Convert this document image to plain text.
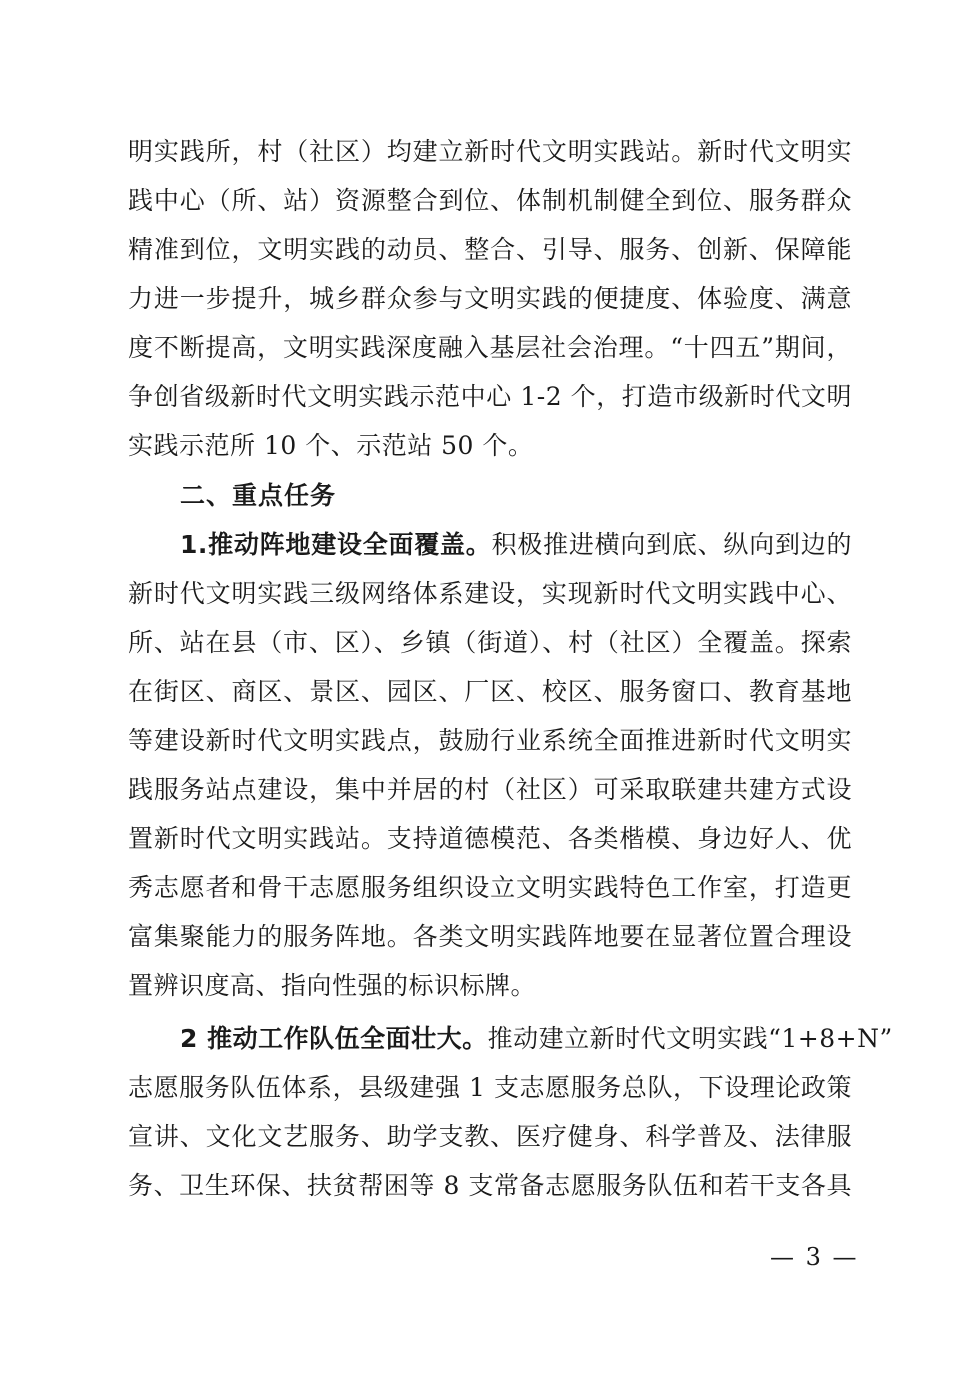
明实践所，村（社区）均建立新时代文明实践站。新时代文明实
践中心（所、站）资源整合到位、体制机制健全到位、服务群众
精准到位，文明实践的动员、整合、引导、服务、创新、保障能
力进一步提升，城乡群众参与文明实践的便捷度、体验度、满意
度不断提高，文明实践深度融入基层社会治理。“十四五”期间，
争创省级新时代文明实践示范中心 1-2 个，打造市级新时代文明
实践示范所 10 个、示范站 50 个。
二、重点任务
1.推动阵地建设全面覆盖。积极推进横向到底、纵向到边的
新时代文明实践三级网络体系建设，实现新时代文明实践中心、
所、站在县（市、区）、乡镇（街道）、村（社区）全覆盖。探索
在街区、商区、景区、园区、厂区、校区、服务窗口、教育基地
等建设新时代文明实践点，鼓励行业系统全面推进新时代文明实
践服务站点建设，集中并居的村（社区）可采取联建共建方式设
置新时代文明实践站。支持道德模范、各类楷模、身边好人、优
秀志愿者和骨干志愿服务组织设立文明实践特色工作室，打造更
富集聚能力的服务阵地。各类文明实践阵地要在显著位置合理设
置辨识度高、指向性强的标识标牌。
2 推动工作队伍全面壮大。推动建立新时代文明实践“1+8+N”
志愿服务队伍体系，县级建强 1 支志愿服务总队，下设理论政策
宣讲、文化文艺服务、助学支教、医疗健身、科学普及、法律服
务、卫生环保、扶贫帮困等 8 支常备志愿服务队伍和若干支各具
— 3 —
